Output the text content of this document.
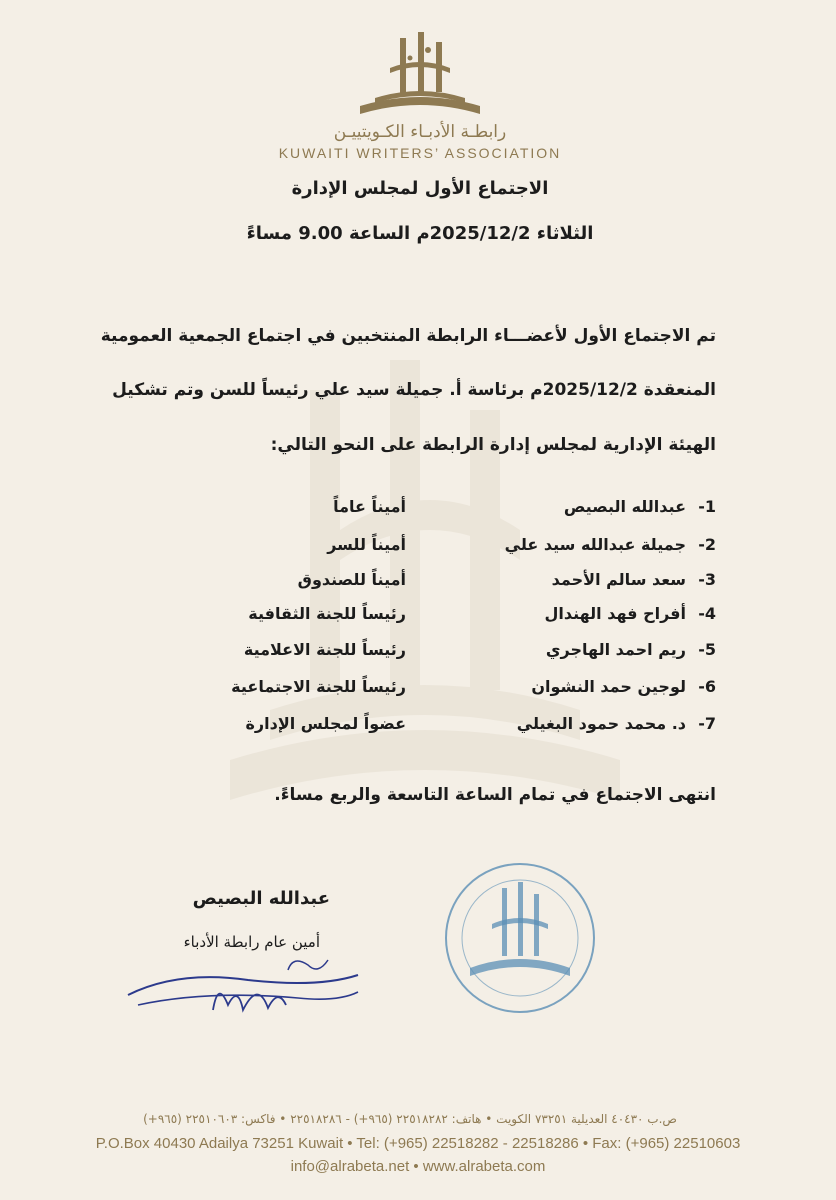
رابطـة الأدبـاء الكـويتييـن
KUWAITI WRITERS’ ASSOCIATION
الاجتماع الأول لمجلس الإدارة
الثلاثاء 2025/12/2م الساعة 9.00 مساءً
تم الاجتماع الأول لأعضـــاء الرابطة المنتخبين في اجتماع الجمعية العمومية
المنعقدة 2025/12/2م برئاسة أ. جميلة سيد علي رئيساً للسن وتم تشكيل
الهيئة الإدارية لمجلس إدارة الرابطة على النحو التالي:
1-
عبدالله البصيص
أميناً عاماً
2-
جميلة عبدالله سيد علي
أميناً للسر
3-
سعد سالم الأحمد
أميناً للصندوق
4-
أفراح فهد الهندال
رئيساً للجنة الثقافية
5-
ريم احمد الهاجري
رئيساً للجنة الاعلامية
6-
لوجين حمد النشوان
رئيساً للجنة الاجتماعية
7-
د. محمد حمود البغيلي
عضواً لمجلس الإدارة
انتهى الاجتماع في تمام الساعة التاسعة والربع مساءً.
عبدالله البصيص
أمين عام رابطة الأدباء
ص.ب ٤٠٤٣٠ العديلية ٧٣٢٥١ الكويت • هاتف: ٢٢٥١٨٢٨٢ (٩٦٥+) - ٢٢٥١٨٢٨٦ • فاكس: ٢٢٥١٠٦٠٣ (٩٦٥+)
P.O.Box 40430 Adailya 73251 Kuwait • Tel: (+965) 22518282 - 22518286 • Fax: (+965) 22510603
info@alrabeta.net • www.alrabeta.com
